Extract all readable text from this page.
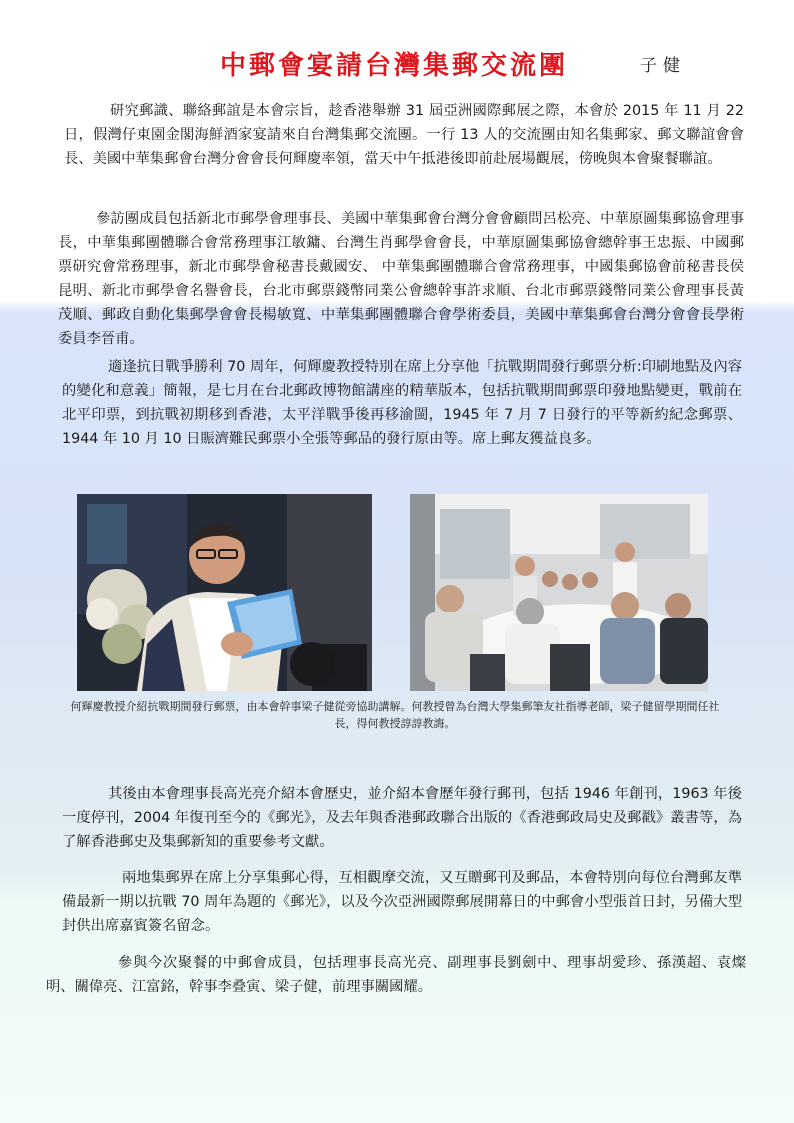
中郵會宴請台灣集郵交流團	子健

研究郵識、聯絡郵誼是本會宗旨，趁香港舉辦 31 屆亞洲國際郵展之際，本會於 2015 年 11 月 22 日，假灣仔東園金閣海鮮酒家宴請來自台灣集郵交流團。一行 13 人的交流團由知名集郵家、郵文聯誼會會長、美國中華集郵會台灣分會會長何輝慶率領，當天中午抵港後即前赴展場觀展，傍晚與本會聚餐聯誼。

參訪團成員包括新北市郵學會理事長、美國中華集郵會台灣分會會顧問呂松亮、中華原圖集郵協會理事長，中華集郵團體聯合會常務理事江敏鏞、台灣生肖郵學會會長，中華原圖集郵協會總幹事王忠振、中國郵票研究會常務理事，新北市郵學會秘書長戴國安、 中華集郵團體聯合會常務理事，中國集郵協會前秘書長侯昆明、新北市郵學會名譽會長，台北市郵票錢幣同業公會總幹事許求順、台北市郵票錢幣同業公會理事長黃茂順、郵政自動化集郵學會會長楊敏寬、中華集郵團體聯合會學術委員，美國中華集郵會台灣分會會長學術委員李晉甫。

適逢抗日戰爭勝利 70 周年，何輝慶教授特別在席上分享他「抗戰期間發行郵票分析:印刷地點及內容的變化和意義」簡報，是七月在台北郵政博物館講座的精華版本，包括抗戰期間郵票印發地點變更，戰前在北平印票，到抗戰初期移到香港，太平洋戰爭後再移渝閩，1945 年 7 月 7 日發行的平等新約紀念郵票、1944 年 10 月 10 日賑濟難民郵票小全張等郵品的發行原由等。席上郵友獲益良多。

何輝慶教授介紹抗戰期間發行郵票，由本會幹事梁子健從旁協助講解。何教授曾為台灣大學集郵筆友社指導老師，梁子健留學期間任社長，得何教授諄諄教誨。

其後由本會理事長高光亮介紹本會歷史，並介紹本會歷年發行郵刊，包括 1946 年創刊，1963 年後一度停刊，2004 年復刊至今的《郵光》，及去年與香港郵政聯合出版的《香港郵政局史及郵戳》叢書等，為了解香港郵史及集郵新知的重要參考文獻。

兩地集郵界在席上分享集郵心得，互相觀摩交流，又互贈郵刊及郵品，本會特別向每位台灣郵友準備最新一期以抗戰 70 周年為題的《郵光》，以及今次亞洲國際郵展開幕日的中郵會小型張首日封，另備大型封供出席嘉賓簽名留念。

參與今次聚餐的中郵會成員，包括理事長高光亮、副理事長劉劍中、理事胡愛珍、孫漢超、袁燦明、關偉亮、江富銘，幹事李叠寅、梁子健，前理事關國耀。
